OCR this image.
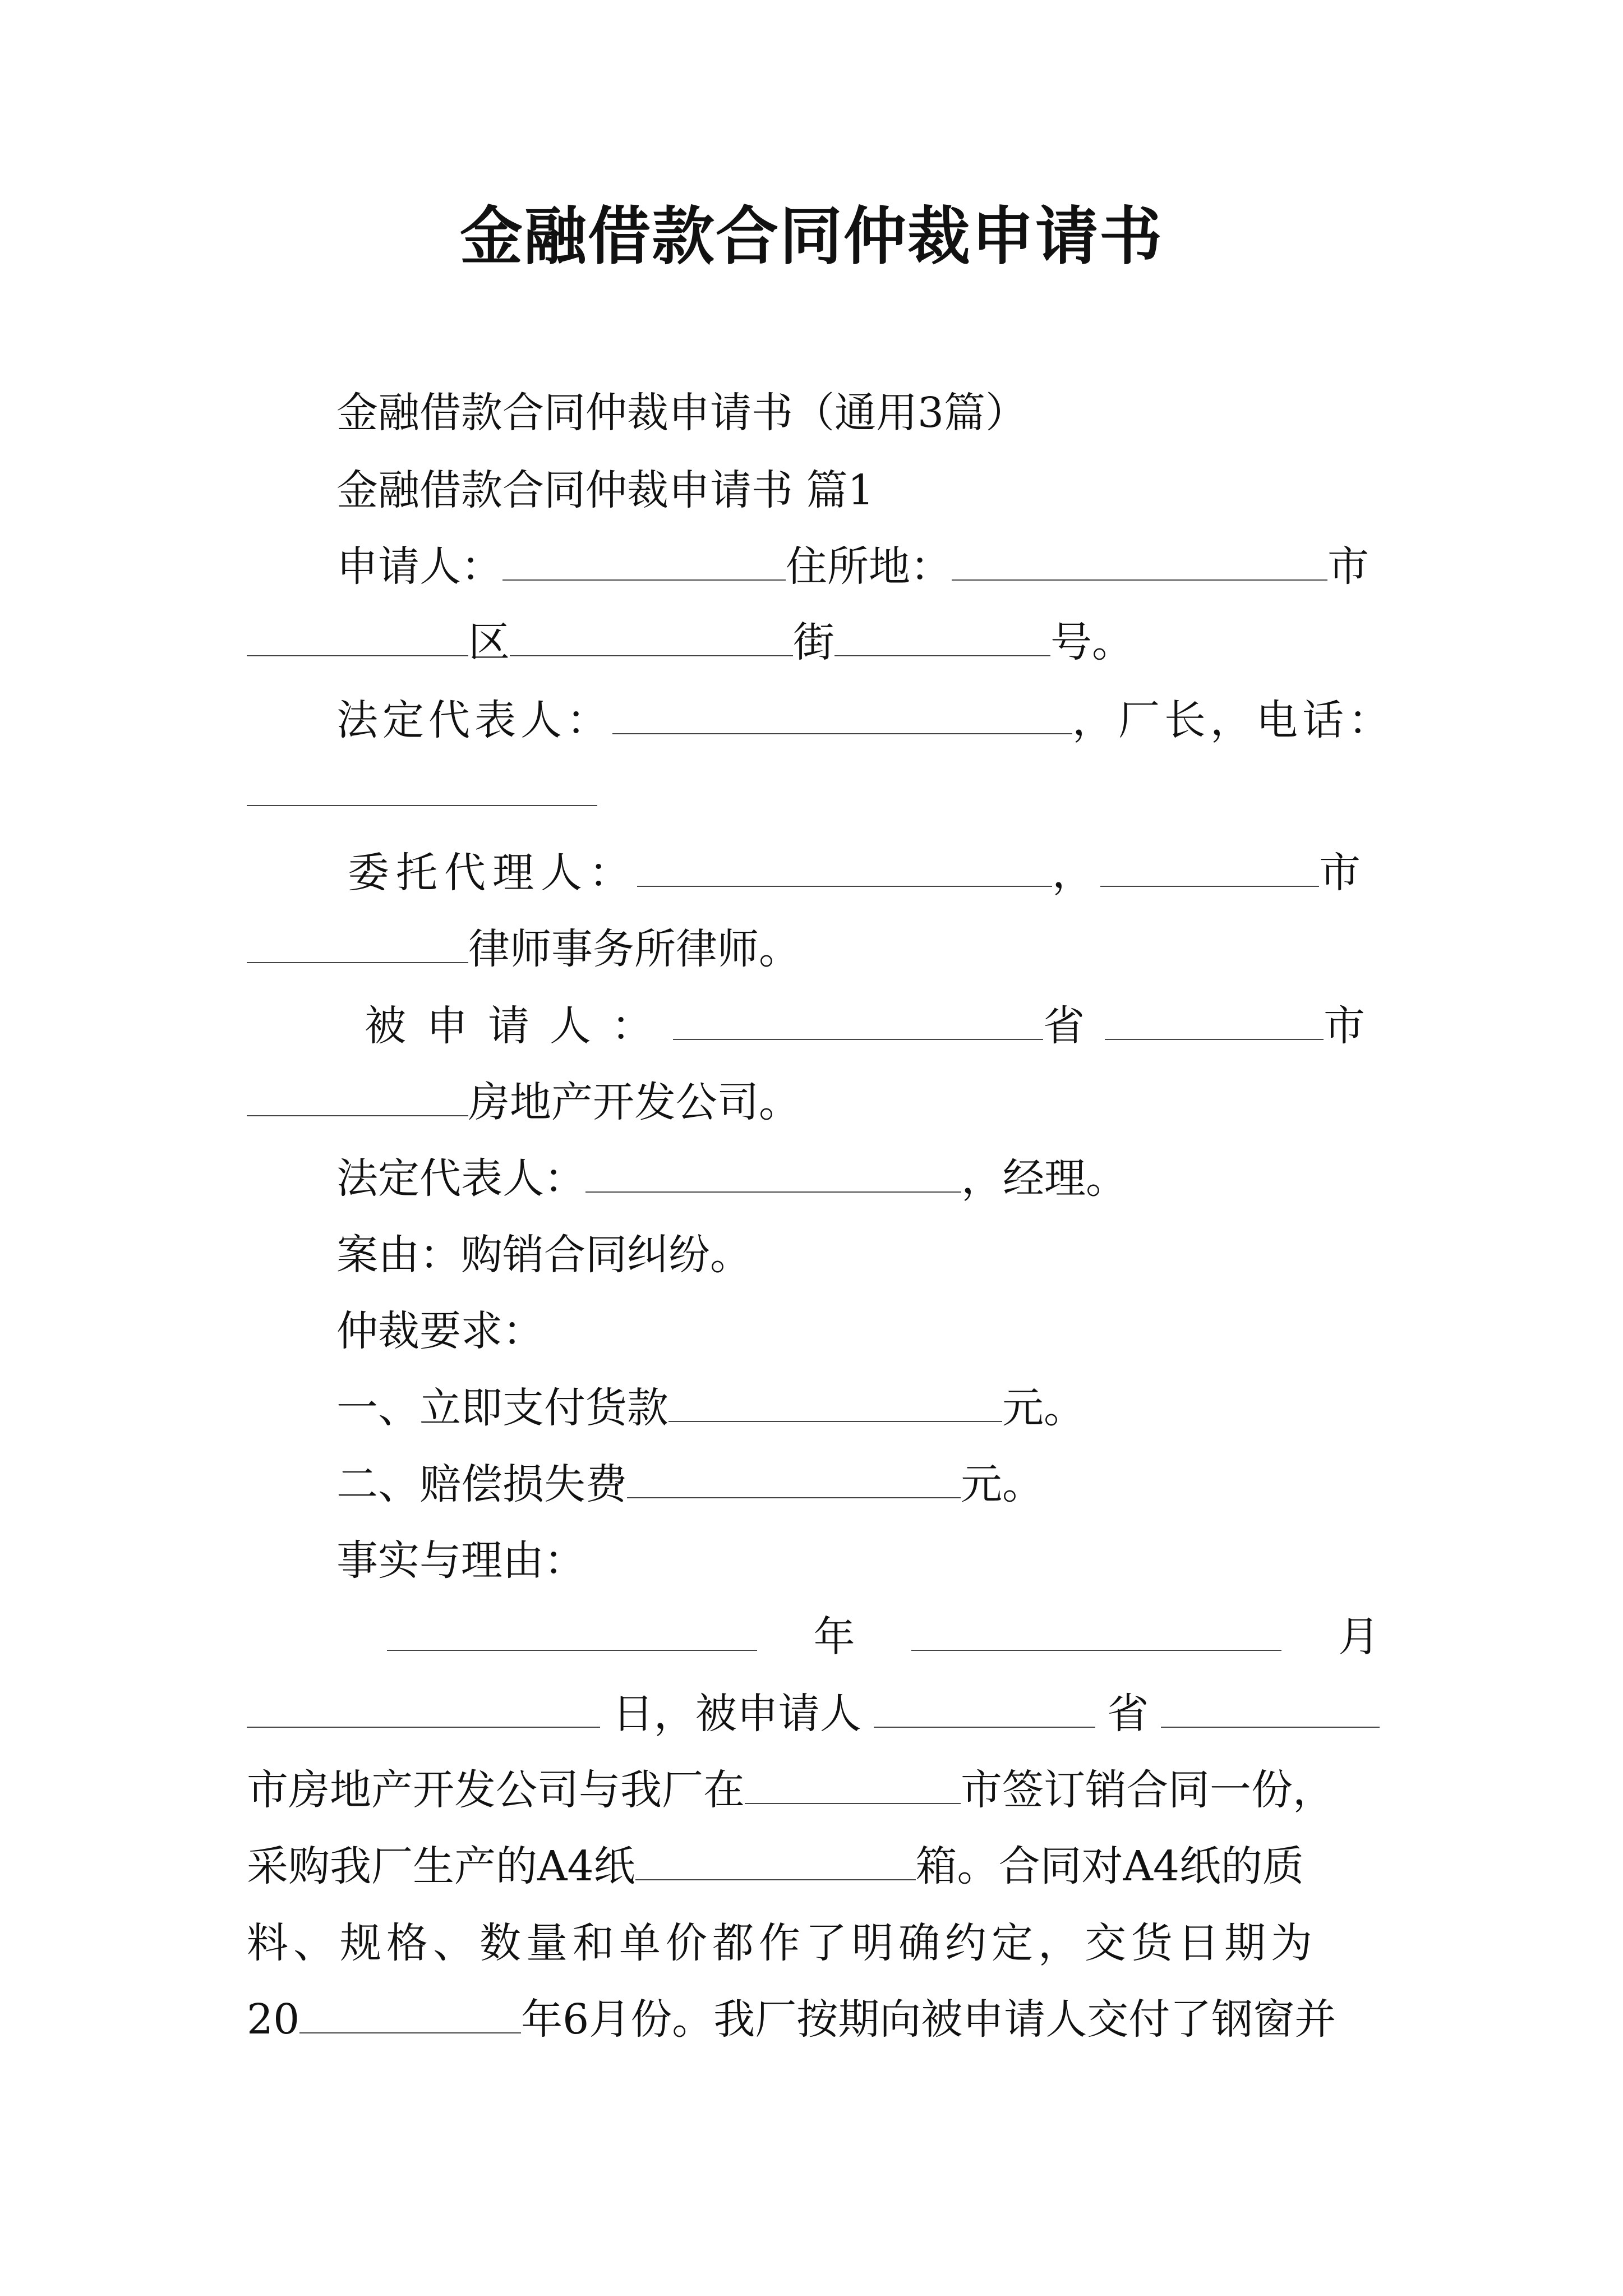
金融借款合同仲裁申请书
金融借款合同仲裁申请书（通用3篇）
金融借款合同仲裁申请书 篇1
申请人：	住所地：	市
区	街	号。
法定代表人：	，厂长，电话：
委托代理人：	，	市
律师事务所律师。
被申请人：	省	市
房地产开发公司。
法定代表人：	，经理。
案由：购销合同纠纷。
仲裁要求：
一、立即支付货款	元。
二、赔偿损失费	元。
事实与理由：
年	月
日，被申请人	省
市房地产开发公司与我厂在	市签订销合同一份，
采购我厂生产的A4纸	箱。合同对A4纸的质
料、规格、数量和单价都作了明确约定，交货日期为
20	年6月份。我厂按期向被申请人交付了钢窗并
